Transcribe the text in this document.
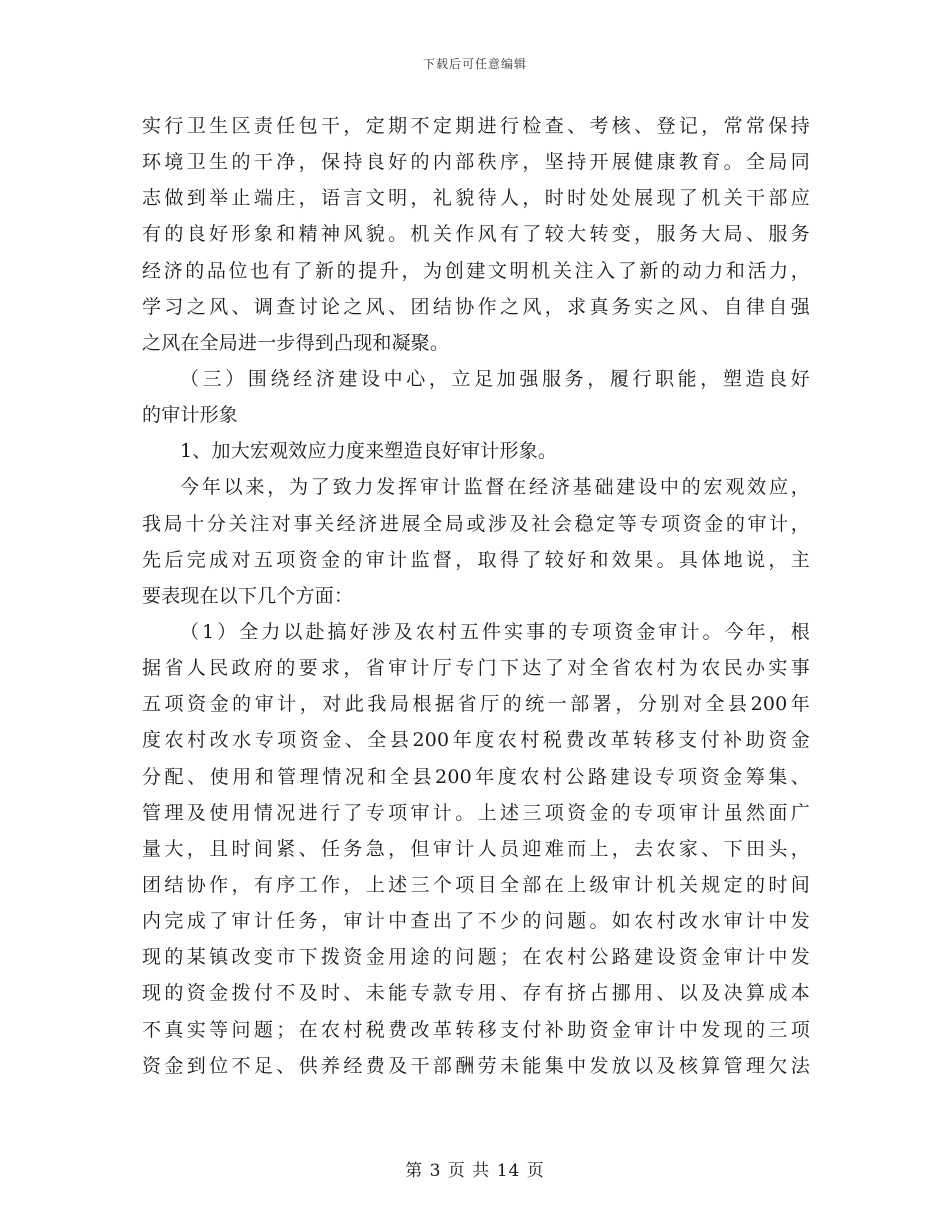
下载后可任意编辑
实行卫生区责任包干，定期不定期进行检查、考核、登记，常常保持
环境卫生的干净，保持良好的内部秩序，坚持开展健康教育。全局同
志做到举止端庄，语言文明，礼貌待人，时时处处展现了机关干部应
有的良好形象和精神风貌。机关作风有了较大转变，服务大局、服务
经济的品位也有了新的提升，为创建文明机关注入了新的动力和活力，
学习之风、调查讨论之风、团结协作之风，求真务实之风、自律自强
之风在全局进一步得到凸现和凝聚。
（三）围绕经济建设中心，立足加强服务，履行职能，塑造良好
的审计形象
1、加大宏观效应力度来塑造良好审计形象。
今年以来，为了致力发挥审计监督在经济基础建设中的宏观效应，
我局十分关注对事关经济进展全局或涉及社会稳定等专项资金的审计，
先后完成对五项资金的审计监督，取得了较好和效果。具体地说，主
要表现在以下几个方面：
（1）全力以赴搞好涉及农村五件实事的专项资金审计。今年，根
据省人民政府的要求，省审计厅专门下达了对全省农村为农民办实事
五项资金的审计，对此我局根据省厅的统一部署，分别对全县200年
度农村改水专项资金、全县200年度农村税费改革转移支付补助资金
分配、使用和管理情况和全县200年度农村公路建设专项资金筹集、
管理及使用情况进行了专项审计。上述三项资金的专项审计虽然面广
量大，且时间紧、任务急，但审计人员迎难而上，去农家、下田头，
团结协作，有序工作，上述三个项目全部在上级审计机关规定的时间
内完成了审计任务，审计中查出了不少的问题。如农村改水审计中发
现的某镇改变市下拨资金用途的问题；在农村公路建设资金审计中发
现的资金拨付不及时、未能专款专用、存有挤占挪用、以及决算成本
不真实等问题；在农村税费改革转移支付补助资金审计中发现的三项
资金到位不足、供养经费及干部酬劳未能集中发放以及核算管理欠法
第 3 页 共 14 页
